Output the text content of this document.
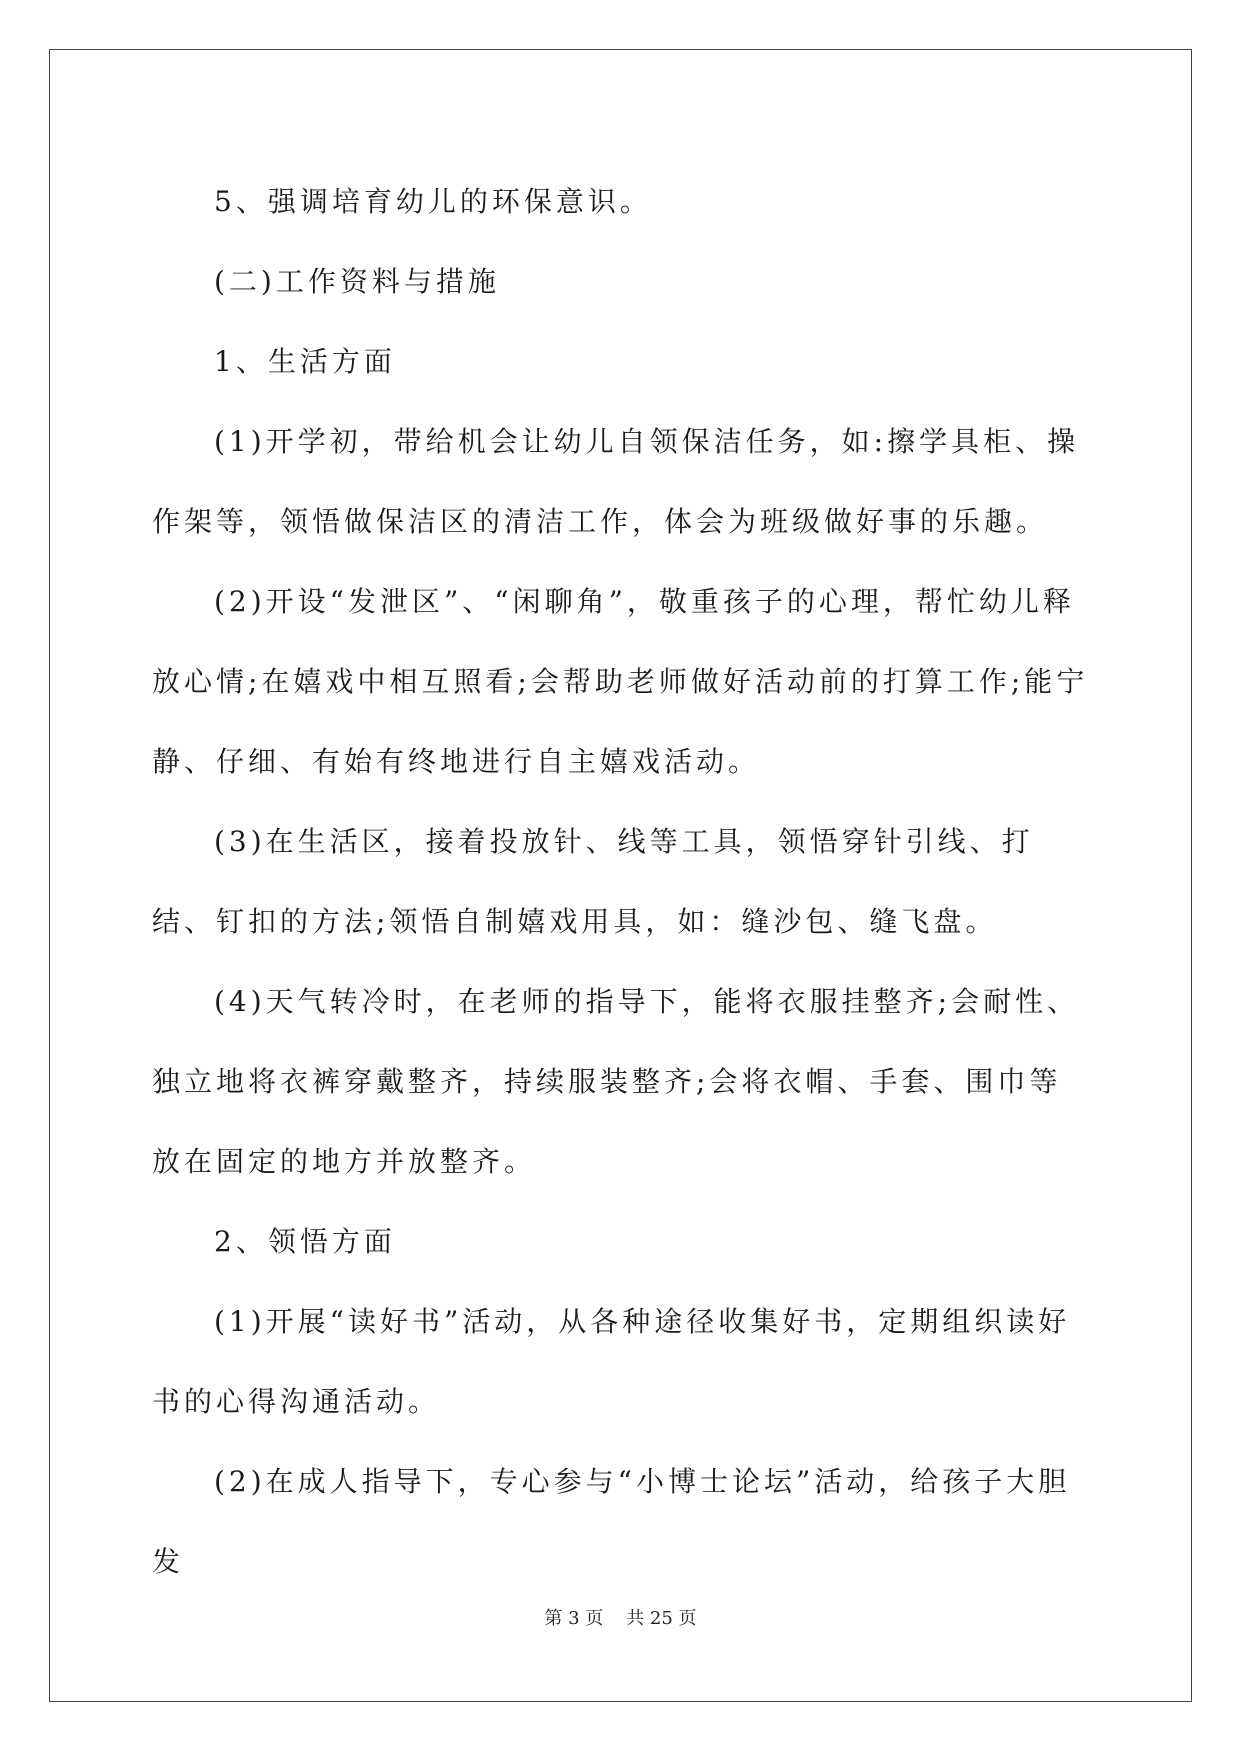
5、强调培育幼儿的环保意识。

(二)工作资料与措施

1、生活方面

(1)开学初，带给机会让幼儿自领保洁任务，如:擦学具柜、操作架等，领悟做保洁区的清洁工作，体会为班级做好事的乐趣。

(2)开设“发泄区”、“闲聊角”，敬重孩子的心理，帮忙幼儿释放心情;在嬉戏中相互照看;会帮助老师做好活动前的打算工作;能宁静、仔细、有始有终地进行自主嬉戏活动。

(3)在生活区，接着投放针、线等工具，领悟穿针引线、打结、钉扣的方法;领悟自制嬉戏用具，如：缝沙包、缝飞盘。

(4)天气转冷时，在老师的指导下，能将衣服挂整齐;会耐性、独立地将衣裤穿戴整齐，持续服装整齐;会将衣帽、手套、围巾等放在固定的地方并放整齐。

2、领悟方面

(1)开展“读好书”活动，从各种途径收集好书，定期组织读好书的心得沟通活动。

(2)在成人指导下，专心参与“小博士论坛”活动，给孩子大胆发

第 3 页    共 25 页
